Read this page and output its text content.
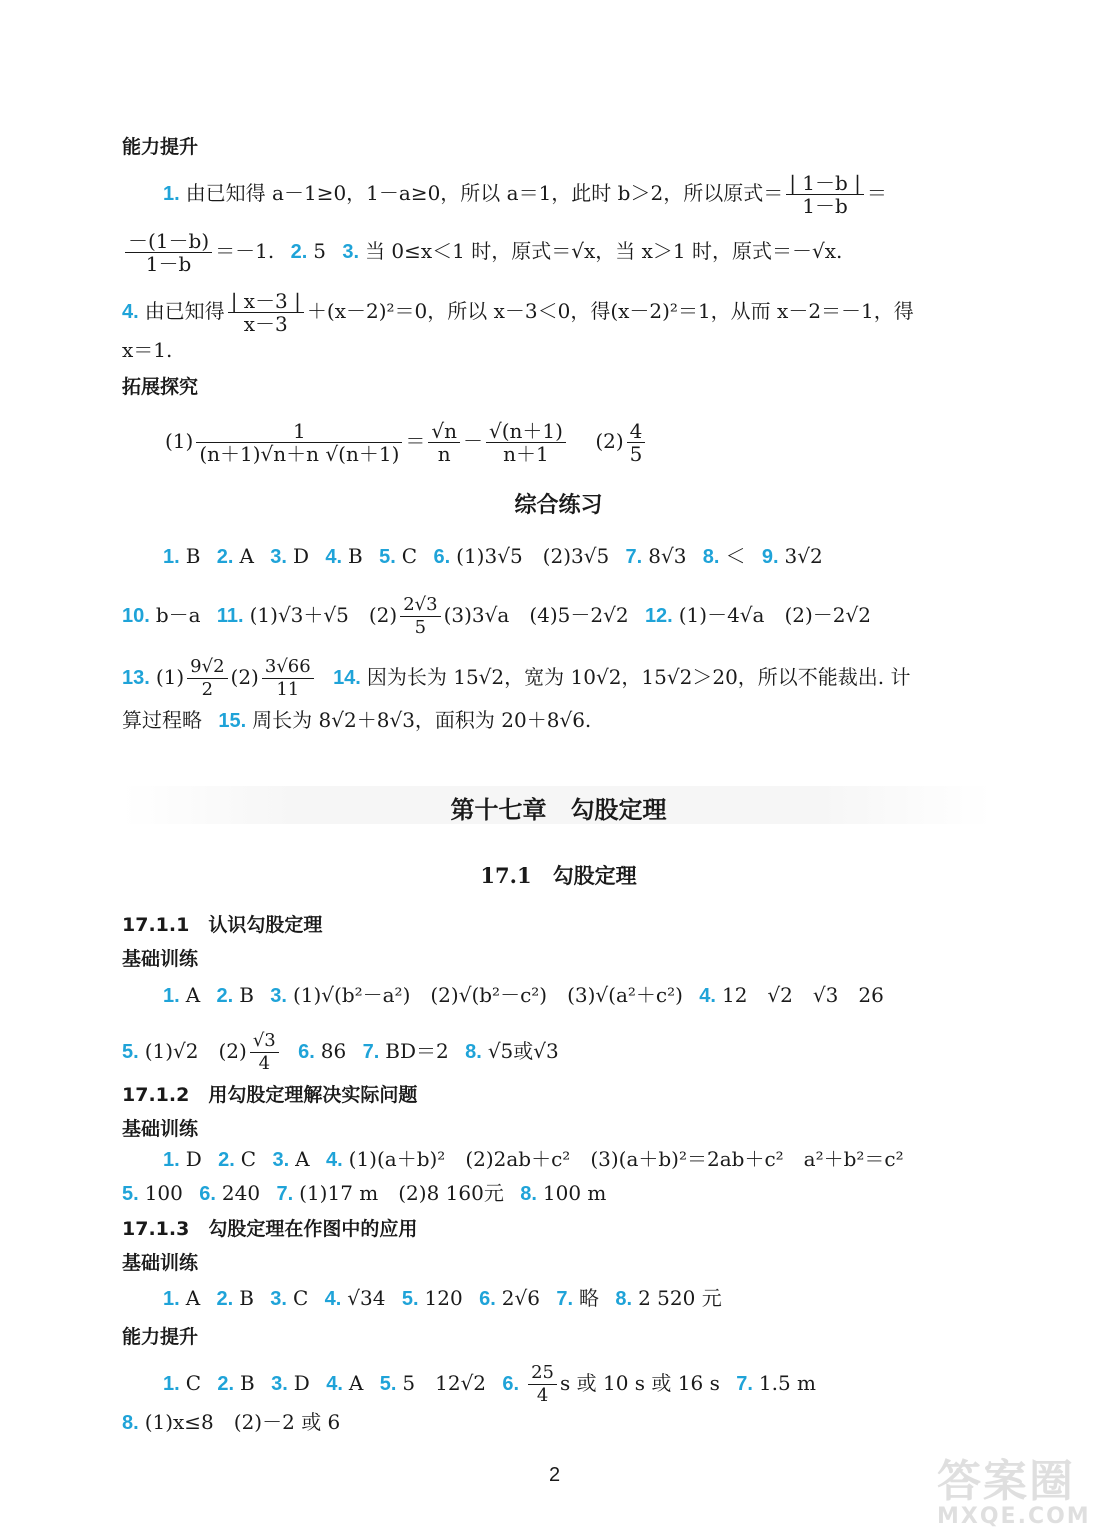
能力提升
1. 由已知得 a－1≥0，1－a≥0，所以 a＝1，此时 b＞2，所以原式＝ $\frac{| 1-b |}{1-b}$ ＝
$\frac{-(1-b)}{1-b} =-1$. 2. 5 3. 当 0≤x＜1 时，原式＝√x，当 x＞1 时，原式＝－√x.
4. 由已知得 $\frac{| x-3 |}{x-3} +(x-2)^2=0$，所以 x－3＜0，得(x－2)²＝1，从而 x－2＝－1，得
x＝1.
拓展探究
$(1) \frac{1}{(n+1)√n+n √(n+1)} = \frac{√n}{n} - \frac{√(n+1)}{n+1} (2) \frac{4}{5}$
综合练习
1. B 2. A 3. D 4. B 5. C 6. (1)3√5　(2)3√5 7. 8√3 8. ＜ 9. 3√2
10. b－a 11. (1)√3＋√5　$(2) \frac{2√3}{5} (3)3√a$　(4)5－2√2 12. (1)－4√a　(2)－2√2
13. $(1) \frac{9√2}{2} (2) \frac{3√66}{11} 14$. 因为长为 15√2，宽为 10√2，15√2＞20，所以不能裁出. 计
算过程略 15. 周长为 8√2＋8√3，面积为 20＋8√6.
第十七章　勾股定理
17.1　勾股定理
17.1.1　认识勾股定理
基础训练
1. A 2. B 3. (1)√(b²－a²)　(2)√(b²－c²)　(3)√(a²＋c²) 4. 12　√2　√3　26
5. (1)√2　$(2) \frac{√3}{4} 6$. 86 7. BD＝2 8. √5或√3
17.1.2　用勾股定理解决实际问题
基础训练
1. D 2. C 3. A 4. (1)(a＋b)²　(2)2ab＋c²　(3)(a＋b)²＝2ab＋c²　a²＋b²＝c²
5. 100 6. 240 7. (1)17 m　(2)8 160元 8. 100 m
17.1.3　勾股定理在作图中的应用
基础训练
1. A 2. B 3. C 4. √34 5. 120 6. 2√6 7. 略 8. 2 520 元
能力提升
1. C 2. B 3. D 4. A 5. 5　12√2 6. $\frac{25}{4}$ s 或 10 s 或 16 s 7. 1.5 m
8. (1)x≤8　(2)－2 或 6
2	答案圈
MXQE.COM
